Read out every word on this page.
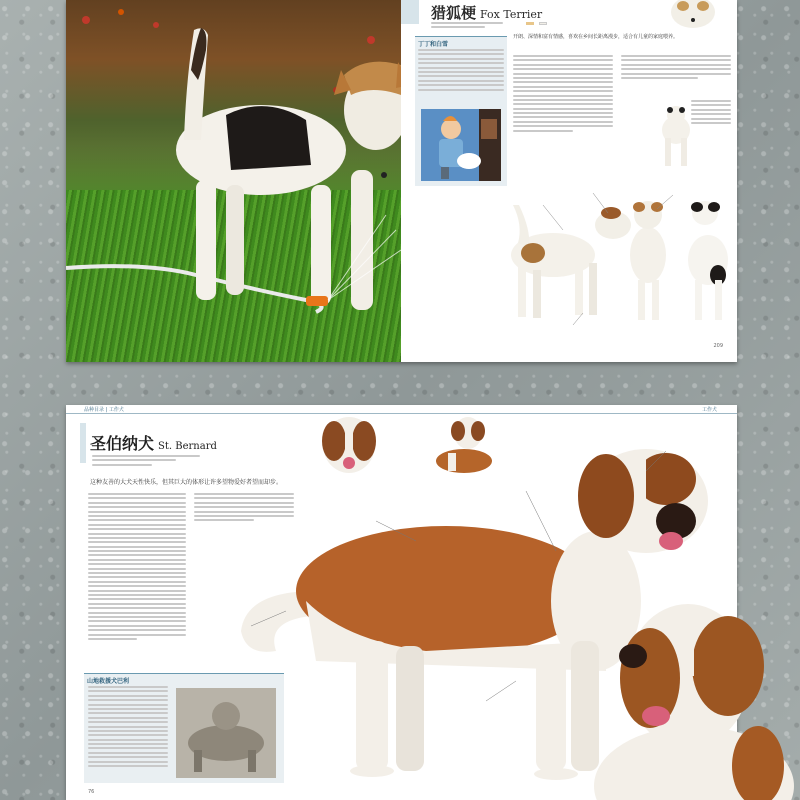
猎狐梗 Fox Terrier

丁丁和白雪
开朗、深情和富有情感，喜欢在乡间长距离漫步，适合有儿童的家庭喂养。
209
品种目录 | 工作犬	工作犬
圣伯纳犬 St. Bernard
这种友善的大犬天性快乐，但其巨大的体形让许多望物爱好者望而却步。
山地救援犬巴利
76
